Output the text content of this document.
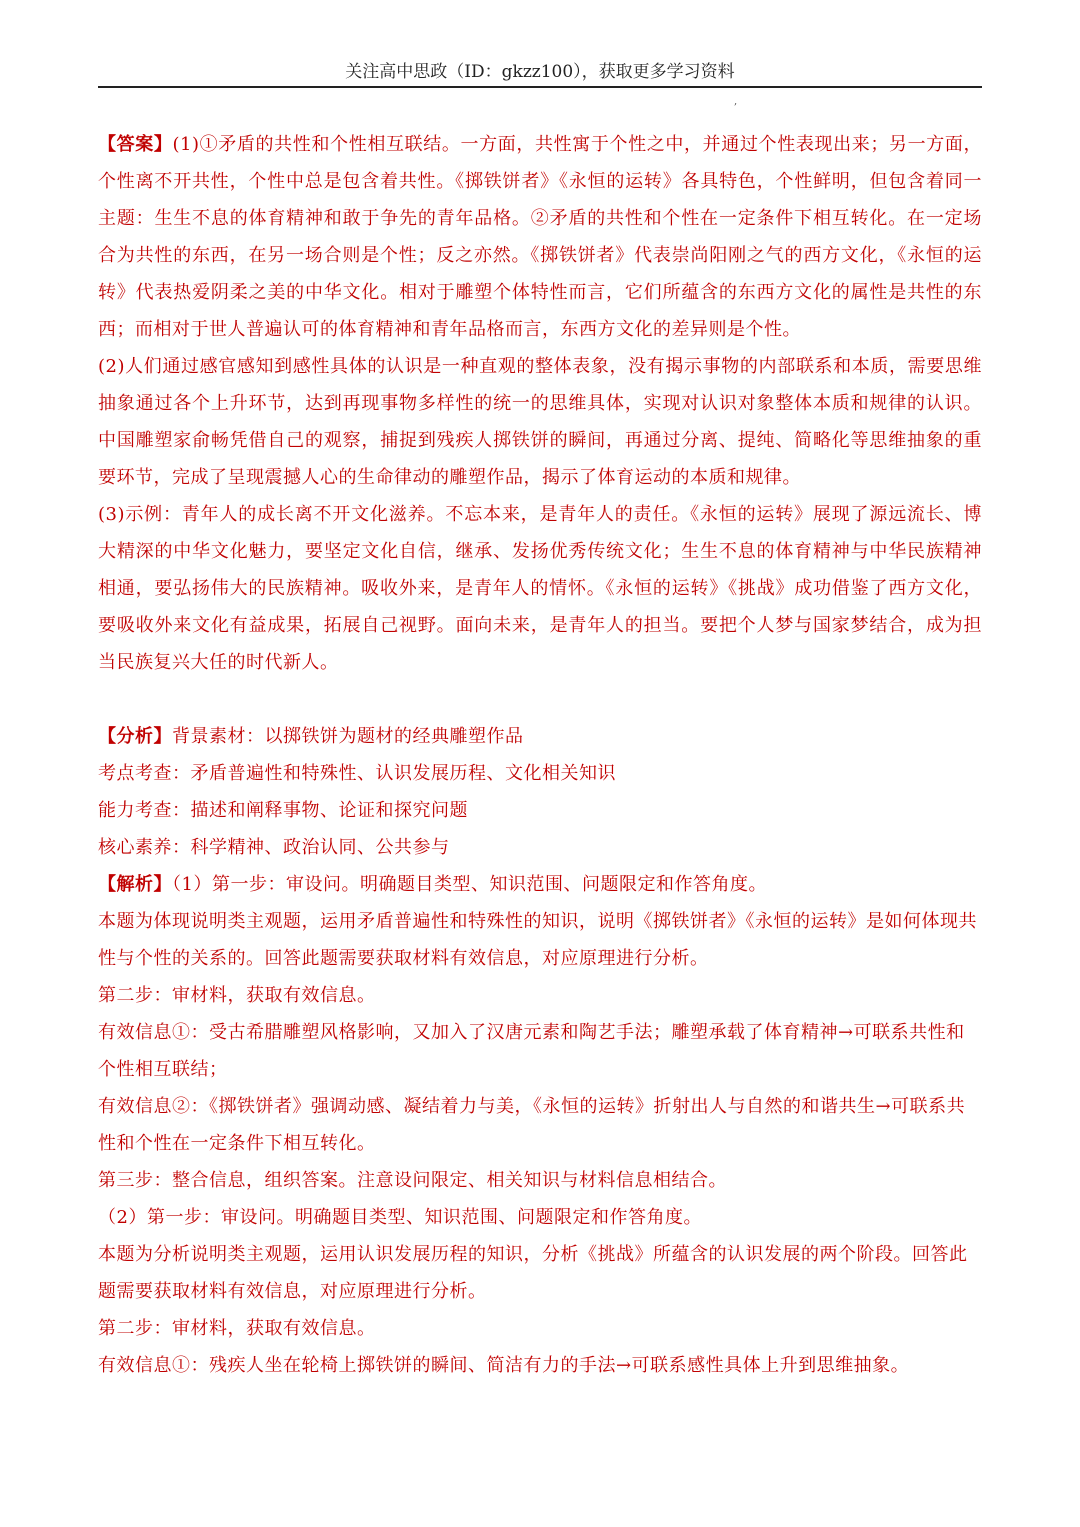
关注高中思政（ID：gkzz100），获取更多学习资料
,

【答案】(1)①矛盾的共性和个性相互联结。一方面，共性寓于个性之中，并通过个性表现出来；另一方面，个性离不开共性，个性中总是包含着共性。《掷铁饼者》《永恒的运转》各具特色，个性鲜明，但包含着同一主题：生生不息的体育精神和敢于争先的青年品格。②矛盾的共性和个性在一定条件下相互转化。在一定场合为共性的东西，在另一场合则是个性；反之亦然。《掷铁饼者》代表崇尚阳刚之气的西方文化，《永恒的运转》代表热爱阴柔之美的中华文化。相对于雕塑个体特性而言，它们所蕴含的东西方文化的属性是共性的东西；而相对于世人普遍认可的体育精神和青年品格而言，东西方文化的差异则是个性。

(2)人们通过感官感知到感性具体的认识是一种直观的整体表象，没有揭示事物的内部联系和本质，需要思维抽象通过各个上升环节，达到再现事物多样性的统一的思维具体，实现对认识对象整体本质和规律的认识。中国雕塑家俞畅凭借自己的观察，捕捉到残疾人掷铁饼的瞬间，再通过分离、提纯、简略化等思维抽象的重要环节，完成了呈现震撼人心的生命律动的雕塑作品，揭示了体育运动的本质和规律。

(3)示例：青年人的成长离不开文化滋养。不忘本来，是青年人的责任。《永恒的运转》展现了源远流长、博大精深的中华文化魅力，要坚定文化自信，继承、发扬优秀传统文化；生生不息的体育精神与中华民族精神相通，要弘扬伟大的民族精神。吸收外来，是青年人的情怀。《永恒的运转》《挑战》成功借鉴了西方文化，要吸收外来文化有益成果，拓展自己视野。面向未来，是青年人的担当。要把个人梦与国家梦结合，成为担当民族复兴大任的时代新人。

【分析】背景素材：以掷铁饼为题材的经典雕塑作品

考点考查：矛盾普遍性和特殊性、认识发展历程、文化相关知识

能力考查：描述和阐释事物、论证和探究问题

核心素养：科学精神、政治认同、公共参与

【解析】（1）第一步：审设问。明确题目类型、知识范围、问题限定和作答角度。

本题为体现说明类主观题，运用矛盾普遍性和特殊性的知识，说明《掷铁饼者》《永恒的运转》是如何体现共性与个性的关系的。回答此题需要获取材料有效信息，对应原理进行分析。

第二步：审材料，获取有效信息。

有效信息①：受古希腊雕塑风格影响，又加入了汉唐元素和陶艺手法；雕塑承载了体育精神→可联系共性和个性相互联结；

有效信息②：《掷铁饼者》强调动感、凝结着力与美，《永恒的运转》折射出人与自然的和谐共生→可联系共性和个性在一定条件下相互转化。

第三步：整合信息，组织答案。注意设问限定、相关知识与材料信息相结合。

（2）第一步：审设问。明确题目类型、知识范围、问题限定和作答角度。

本题为分析说明类主观题，运用认识发展历程的知识，分析《挑战》所蕴含的认识发展的两个阶段。回答此题需要获取材料有效信息，对应原理进行分析。

第二步：审材料，获取有效信息。

有效信息①：残疾人坐在轮椅上掷铁饼的瞬间、简洁有力的手法→可联系感性具体上升到思维抽象。
